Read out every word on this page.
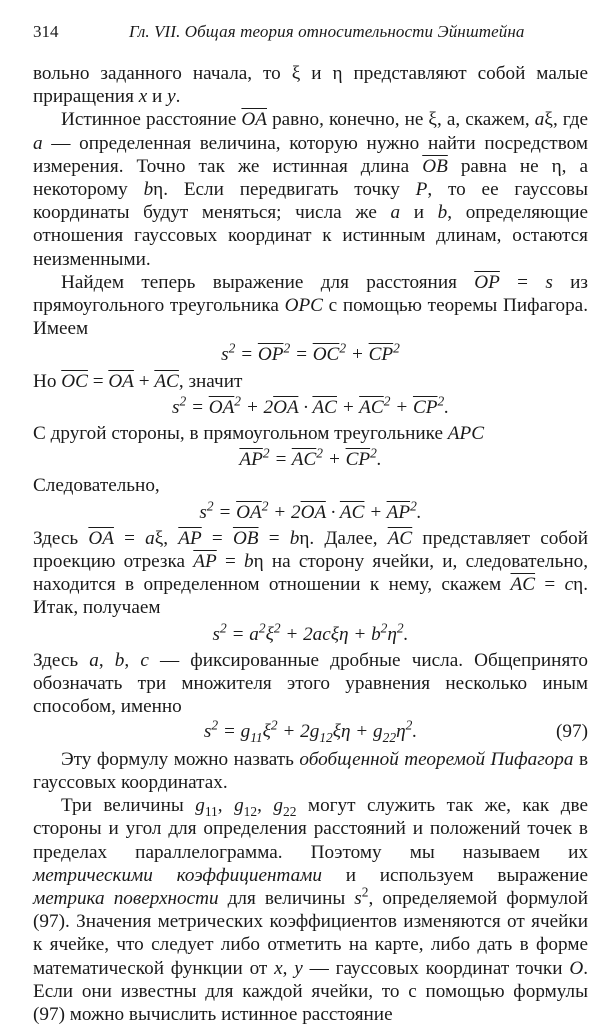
314	Гл. VII. Общая теория относительности Эйнштейна

вольно заданного начала, то ξ и η представляют собой малые приращения x и y.

Истинное расстояние $\overline{OA}$ равно, конечно, не ξ, а, скажем, aξ, где a — определенная величина, которую нужно найти посредством измерения. Точно так же истинная длина $\overline{OB}$ равна не η, а некоторому bη. Если передвигать точку P, то ее гауссовы координаты будут меняться; числа же a и b, определяющие отношения гауссовых координат к истинным длинам, остаются неизменными.

Найдем теперь выражение для расстояния $\overline{OP} = s$ из прямоугольного треугольника OPC с помощью теоремы Пифагора. Имеем

$s^2 = \overline{OP}^2 = \overline{OC}^2 + \overline{CP}^2$

Но $\overline{OC} = \overline{OA} + \overline{AC}$, значит

$s^2 = \overline{OA}^2 + 2\overline{OA} \cdot \overline{AC} + \overline{AC}^2 + \overline{CP}^2$.

С другой стороны, в прямоугольном треугольнике APC

$\overline{AP}^2 = \overline{AC}^2 + \overline{CP}^2$.

Следовательно,

$s^2 = \overline{OA}^2 + 2\overline{OA} \cdot \overline{AC} + \overline{AP}^2$.

Здесь $\overline{OA} = a\xi$, $\overline{AP} = \overline{OB} = b\eta$. Далее, $\overline{AC}$ представляет собой проекцию отрезка $\overline{AP} = b\eta$ на сторону ячейки, и, следовательно, находится в определенном отношении к нему, скажем $\overline{AC} = c\eta$. Итак, получаем

$s^2 = a^2\xi^2 + 2ac\xi\eta + b^2\eta^2$.

Здесь a, b, c — фиксированные дробные числа. Общепринято обозначать три множителя этого уравнения несколько иным способом, именно

$s^2 = g_{11}\xi^2 + 2g_{12}\xi\eta + g_{22}\eta^2$.	(97)

Эту формулу можно назвать обобщенной теоремой Пифагора в гауссовых координатах.

Три величины $g_{11}$, $g_{12}$, $g_{22}$ могут служить так же, как две стороны и угол для определения расстояний и положений точек в пределах параллелограмма. Поэтому мы называем их метрическими коэффициентами и используем выражение метрика поверхности для величины $s^2$, определяемой формулой (97). Значения метрических коэффициентов изменяются от ячейки к ячейке, что следует либо отметить на карте, либо дать в форме математической функции от x, y — гауссовых координат точки O. Если они известны для каждой ячейки, то с помощью формулы (97) можно вычислить истинное расстояние
